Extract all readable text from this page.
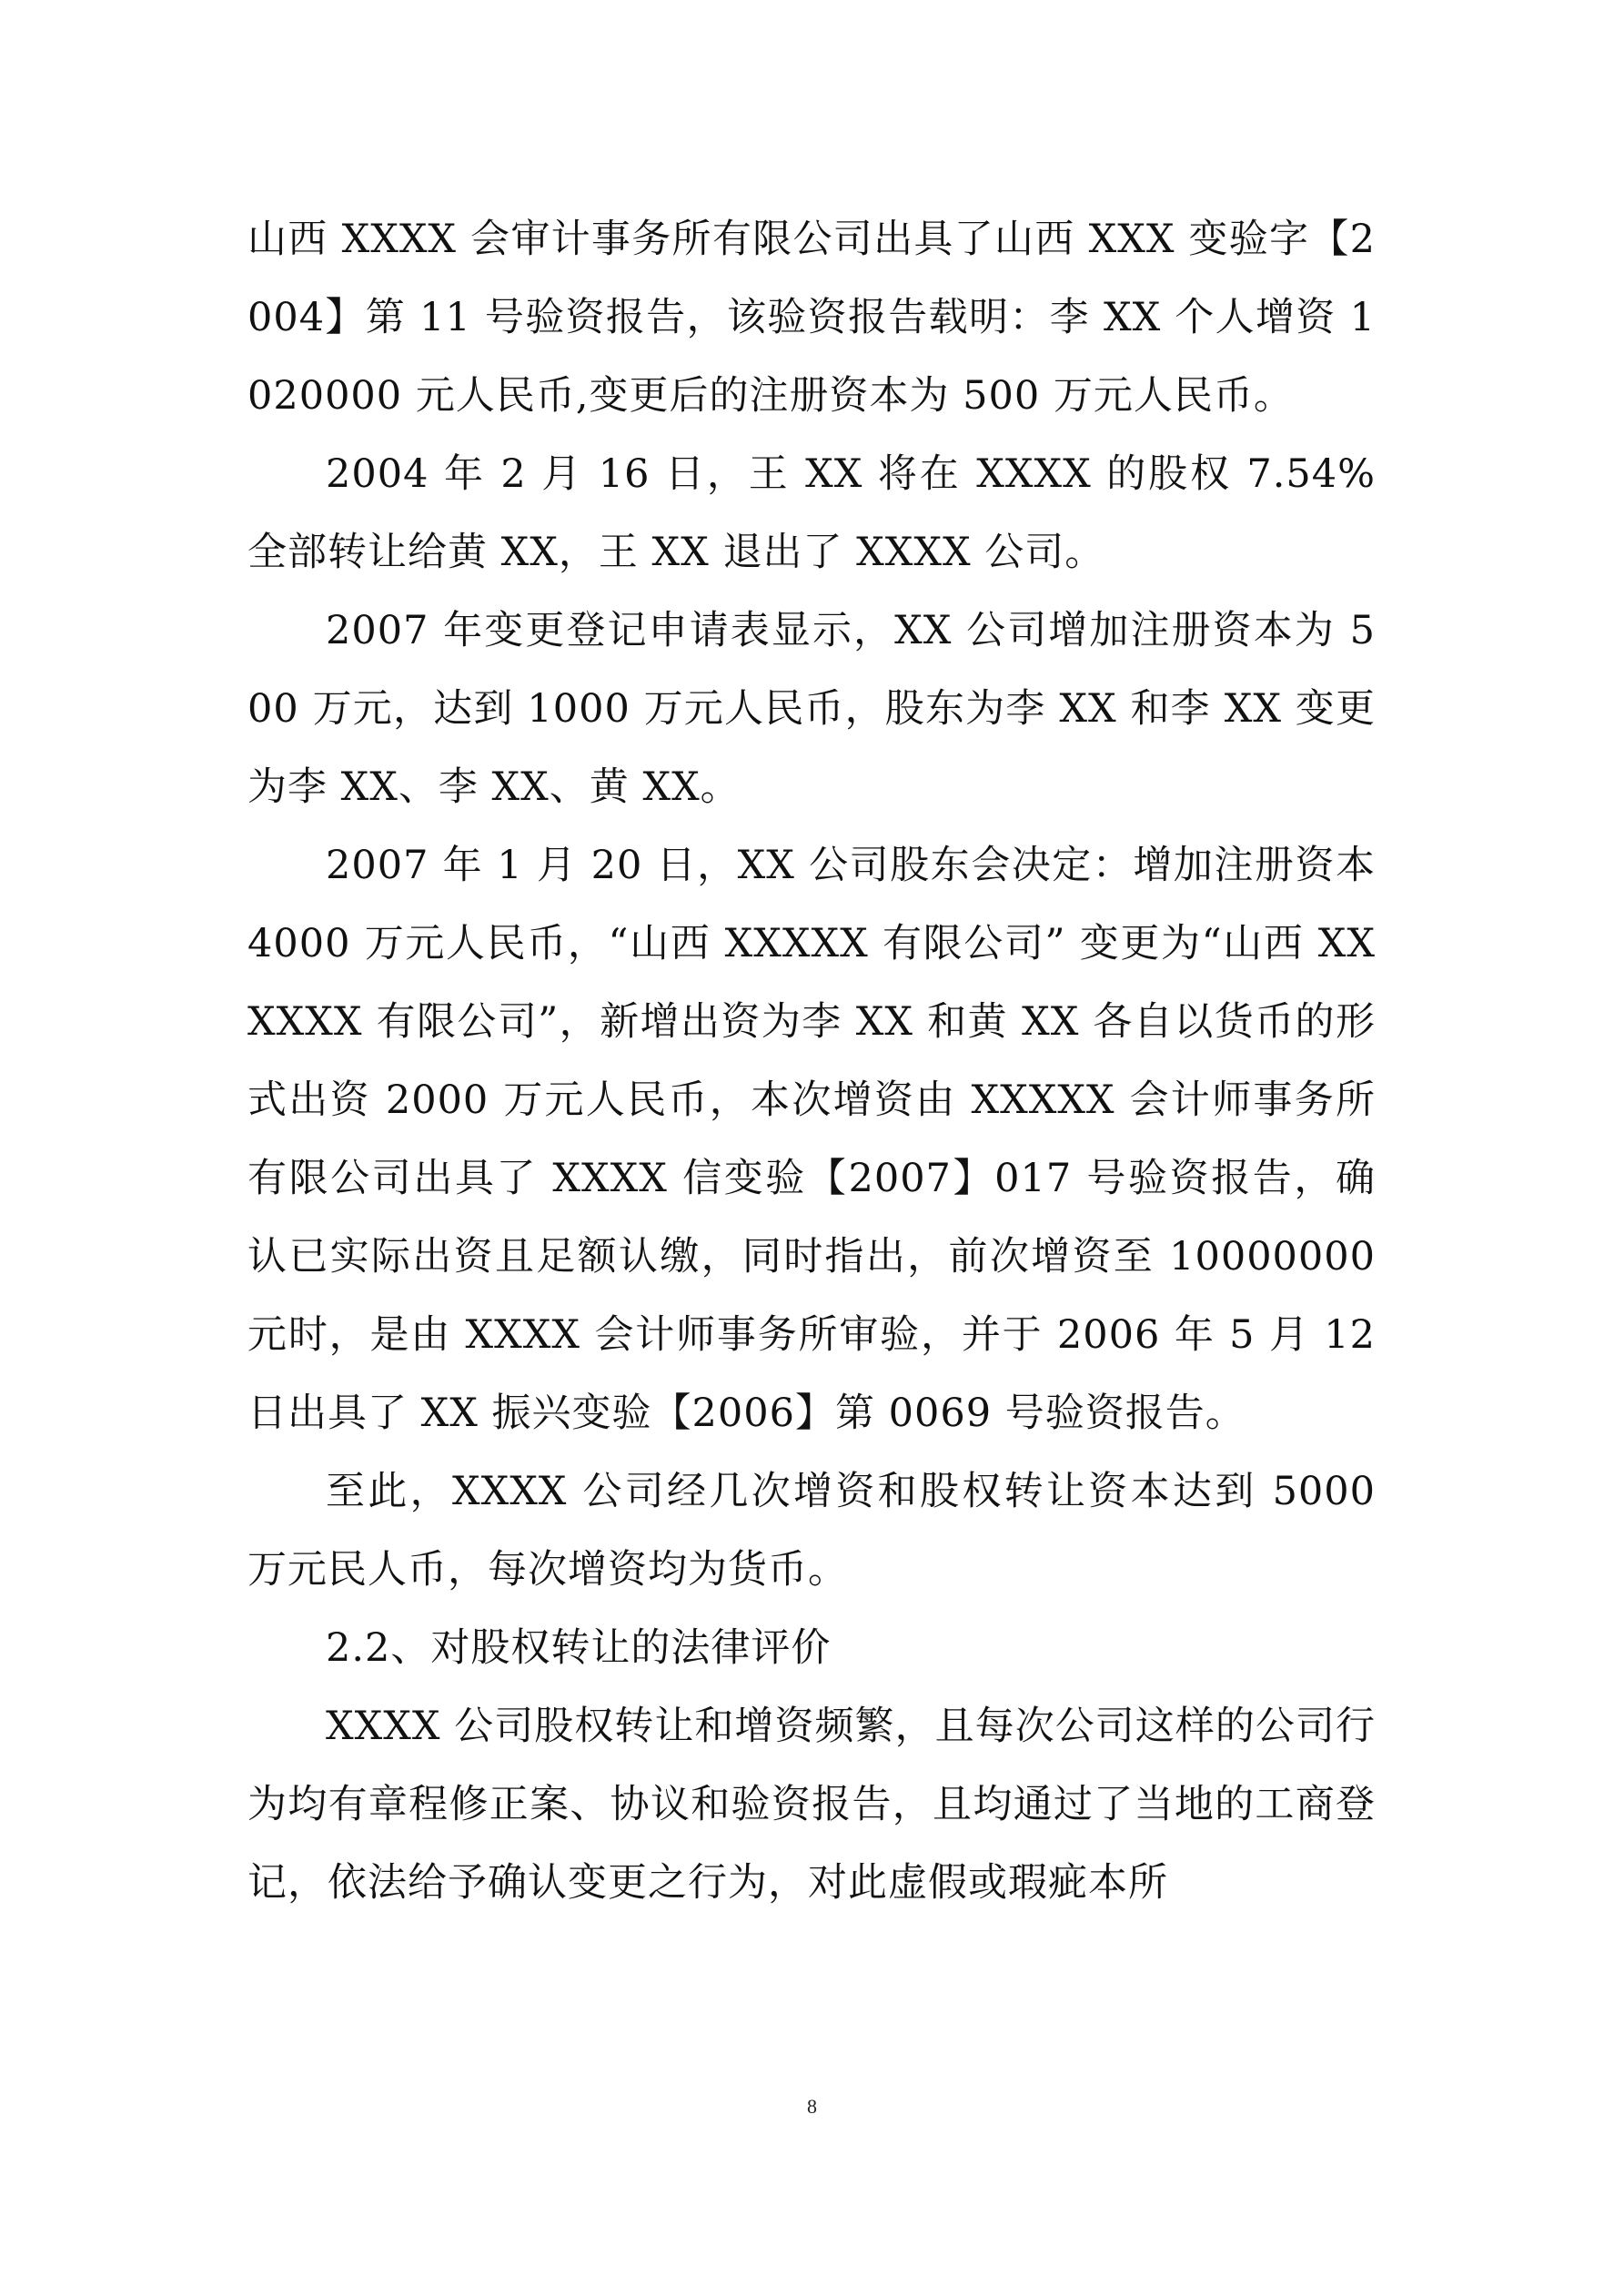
山西 XXXX 会审计事务所有限公司出具了山西 XXX 变验字【2004】第 11 号验资报告，该验资报告载明：李 XX 个人增资 1020000 元人民币,变更后的注册资本为 500 万元人民币。

2004 年 2 月 16 日，王 XX 将在 XXXX 的股权 7.54%全部转让给黄 XX，王 XX 退出了 XXXX 公司。

2007 年变更登记申请表显示，XX 公司增加注册资本为 500 万元，达到 1000 万元人民币，股东为李 XX 和李 XX 变更为李 XX、李 XX、黄 XX。

2007 年 1 月 20 日，XX 公司股东会决定：增加注册资本 4000 万元人民币，“山西 XXXXX 有限公司” 变更为“山西 XXXXXX 有限公司”，新增出资为李 XX 和黄 XX 各自以货币的形式出资 2000 万元人民币，本次增资由 XXXXX 会计师事务所有限公司出具了 XXXX 信变验【2007】017 号验资报告，确认已实际出资且足额认缴，同时指出，前次增资至 10000000 元时，是由 XXXX 会计师事务所审验，并于 2006 年 5 月 12 日出具了 XX 振兴变验【2006】第 0069 号验资报告。

至此，XXXX 公司经几次增资和股权转让资本达到 5000 万元民人币，每次增资均为货币。

2.2、对股权转让的法律评价

XXXX 公司股权转让和增资频繁，且每次公司这样的公司行为均有章程修正案、协议和验资报告，且均通过了当地的工商登记，依法给予确认变更之行为，对此虚假或瑕疵本所

8
